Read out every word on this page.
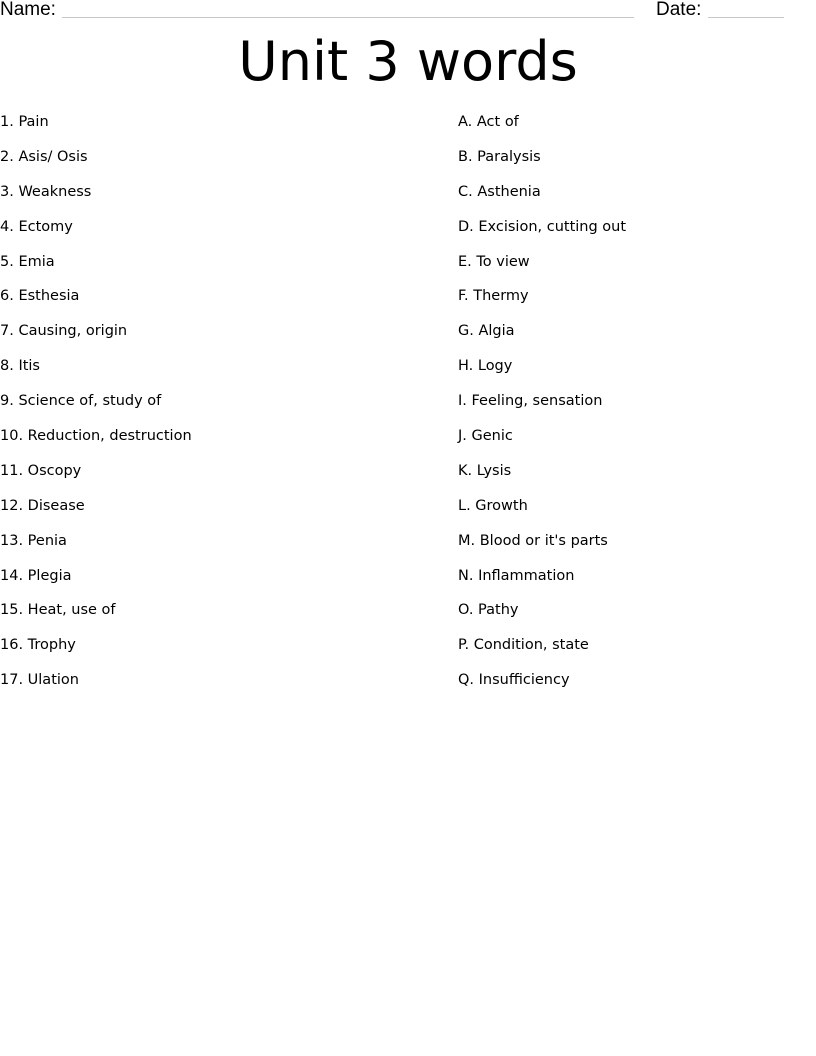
Name:	Date:
Unit 3 words
1. Pain
2. Asis/ Osis
3. Weakness
4. Ectomy
5. Emia
6. Esthesia
7. Causing, origin
8. Itis
9. Science of, study of
10. Reduction, destruction
11. Oscopy
12. Disease
13. Penia
14. Plegia
15. Heat, use of
16. Trophy
17. Ulation
A. Act of
B. Paralysis
C. Asthenia
D. Excision, cutting out
E. To view
F. Thermy
G. Algia
H. Logy
I. Feeling, sensation
J. Genic
K. Lysis
L. Growth
M. Blood or it's parts
N. Inflammation
O. Pathy
P. Condition, state
Q. Insufficiency
